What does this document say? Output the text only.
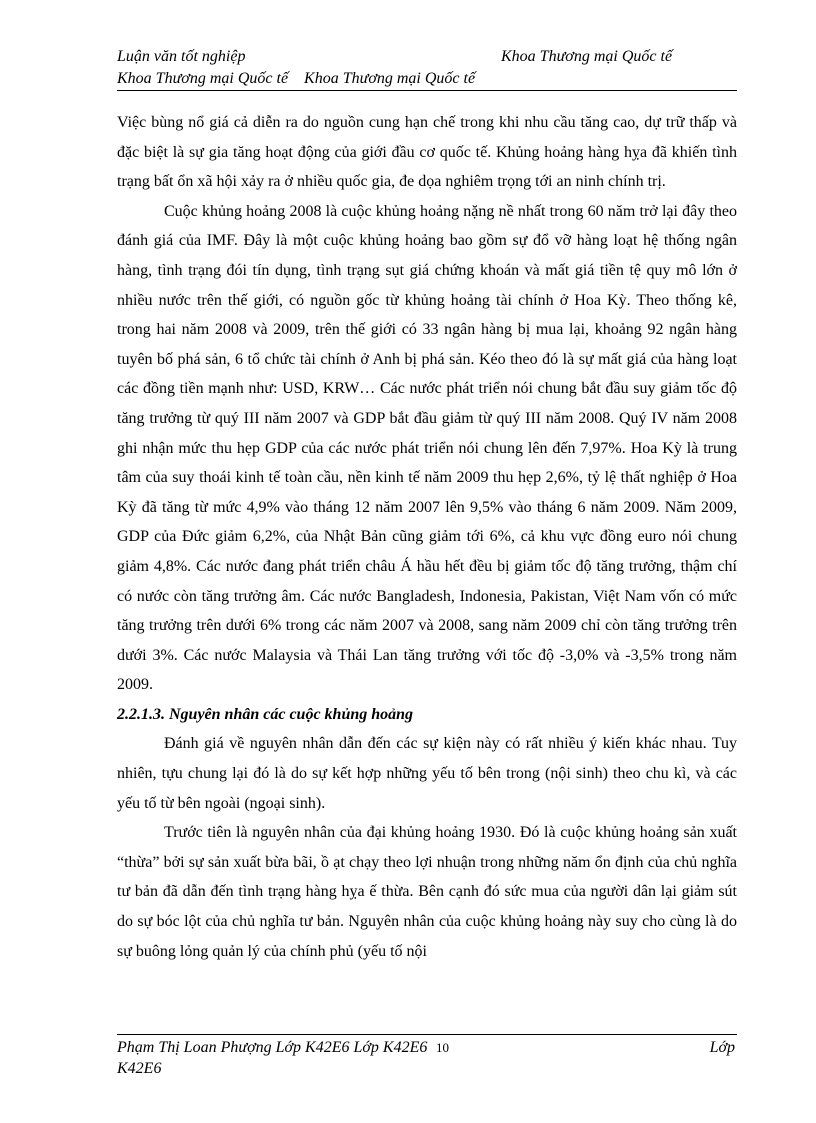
Luận văn tốt nghiệp	Khoa Thương mại Quốc tế
Khoa Thương mại Quốc tế    Khoa Thương mại Quốc tế

Việc bùng nổ giá cả diễn ra do nguồn cung hạn chế trong khi nhu cầu tăng cao, dự trữ thấp và đặc biệt là sự gia tăng hoạt động của giới đầu cơ quốc tế. Khủng hoảng hàng hỵa đã khiến tình trạng bất ổn xã hội xảy ra ở nhiều quốc gia, đe dọa nghiêm trọng tới an ninh chính trị.

Cuộc khủng hoảng 2008 là cuộc khủng hoảng nặng nề nhất trong 60 năm trở lại đây theo đánh giá của IMF. Đây là một cuộc khủng hoảng bao gồm sự đổ vỡ hàng loạt hệ thống ngân hàng, tình trạng đói tín dụng, tình trạng sụt giá chứng khoán và mất giá tiền tệ quy mô lớn ở nhiều nước trên thế giới, có nguồn gốc từ khủng hoảng tài chính ở Hoa Kỳ. Theo thống kê, trong hai năm 2008 và 2009, trên thế giới có 33 ngân hàng bị mua lại, khoảng 92 ngân hàng tuyên bố phá sản, 6 tổ chức tài chính ở Anh bị phá sản. Kéo theo đó là sự mất giá của hàng loạt các đồng tiền mạnh như: USD, KRW… Các nước phát triển nói chung bắt đầu suy giảm tốc độ tăng trưởng từ quý III năm 2007 và GDP bắt đầu giảm từ quý III năm 2008. Quý IV năm 2008 ghi nhận mức thu hẹp GDP của các nước phát triển nói chung lên đến 7,97%. Hoa Kỳ là trung tâm của suy thoái kinh tế toàn cầu, nền kinh tế năm 2009 thu hẹp 2,6%, tỷ lệ thất nghiệp ở Hoa Kỳ đã tăng từ mức 4,9% vào tháng 12 năm 2007 lên 9,5% vào tháng 6 năm 2009. Năm 2009, GDP của Đức giảm 6,2%, của Nhật Bản cũng giảm tới 6%, cả khu vực đồng euro nói chung giảm 4,8%. Các nước đang phát triển châu Á hầu hết đều bị giảm tốc độ tăng trưởng, thậm chí có nước còn tăng trưởng âm. Các nước Bangladesh, Indonesia, Pakistan, Việt Nam vốn có mức tăng trưởng trên dưới 6% trong các năm 2007 và 2008, sang năm 2009 chỉ còn tăng trưởng trên dưới 3%. Các nước Malaysia và Thái Lan tăng trưởng với tốc độ -3,0% và -3,5% trong năm 2009.

2.2.1.3. Nguyên nhân các cuộc khủng hoảng

Đánh giá về nguyên nhân dẫn đến các sự kiện này có rất nhiều ý kiến khác nhau. Tuy nhiên, tựu chung lại đó là do sự kết hợp những yếu tố bên trong (nội sinh) theo chu kì, và các yếu tố từ bên ngoài (ngoại sinh).

Trước tiên là nguyên nhân của đại khủng hoảng 1930. Đó là cuộc khủng hoảng sản xuất “thừa” bởi sự sản xuất bừa bãi, ồ ạt chạy theo lợi nhuận trong những năm ổn định của chủ nghĩa tư bản đã dẫn đến tình trạng hàng hỵa ế thừa. Bên cạnh đó sức mua của người dân lại giảm sút do sự bóc lột của chủ nghĩa tư bản. Nguyên nhân của cuộc khủng hoảng này suy cho cùng là do sự buông lỏng quản lý của chính phủ (yếu tố nội

Phạm Thị Loan Phượng Lớp K42E6 Lớp K42E6 10	Lớp
K42E6
